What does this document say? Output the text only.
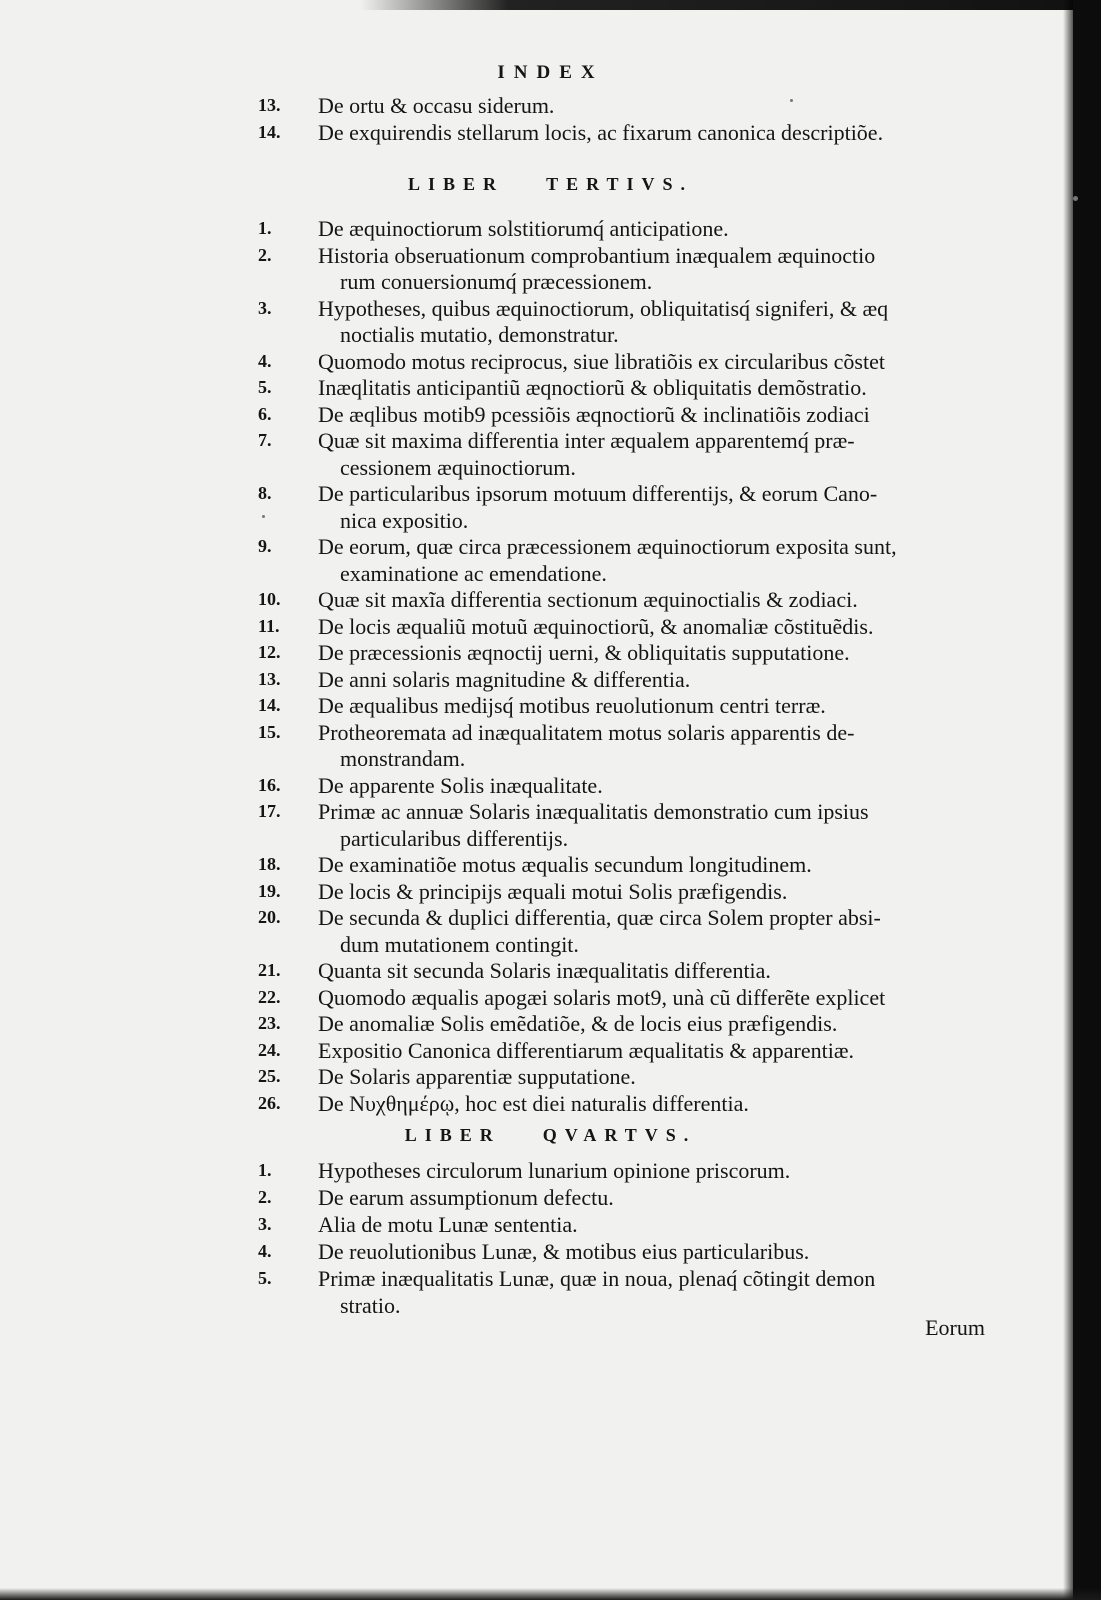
INDEX
13.	De ortu & occasu siderum.
14.	De exquirendis stellarum locis, ac fixarum canonica descriptiõe.
LIBER TERTIVS.
1.	De æquinoctiorum solstitiorumq́ anticipatione.
2.	Historia obseruationum comprobantium inæqualem æquinoctio
rum conuersionumq́ præcessionem.
3.	Hypotheses, quibus æquinoctiorum, obliquitatisq́ signiferi, & æq
noctialis mutatio, demonstratur.
4.	Quomodo motus reciprocus, siue libratiõis ex circularibus cõstet
5.	Inæqlitatis anticipantiũ æqnoctiorũ & obliquitatis demõstratio.
6.	De æqlibus motib9 pcessiõis æqnoctiorũ & inclinatiõis zodiaci
7.	Quæ sit maxima differentia inter æqualem apparentemq́ præ-
cessionem æquinoctiorum.
8.	De particularibus ipsorum motuum differentijs, & eorum Cano-
nica expositio.
9.	De eorum, quæ circa præcessionem æquinoctiorum exposita sunt,
examinatione ac emendatione.
10.	Quæ sit maxĩa differentia sectionum æquinoctialis & zodiaci.
11.	De locis æqualiũ motuũ æquinoctiorũ, & anomaliæ cõstituẽdis.
12.	De præcessionis æqnoctij uerni, & obliquitatis supputatione.
13.	De anni solaris magnitudine & differentia.
14.	De æqualibus medijsq́ motibus reuolutionum centri terræ.
15.	Protheoremata ad inæqualitatem motus solaris apparentis de-
monstrandam.
16.	De apparente Solis inæqualitate.
17.	Primæ ac annuæ Solaris inæqualitatis demonstratio cum ipsius
particularibus differentijs.
18.	De examinatiõe motus æqualis secundum longitudinem.
19.	De locis & principijs æquali motui Solis præfigendis.
20.	De secunda & duplici differentia, quæ circa Solem propter absi-
dum mutationem contingit.
21.	Quanta sit secunda Solaris inæqualitatis differentia.
22.	Quomodo æqualis apogæi solaris mot9, unà cũ differẽte explicet
23.	De anomaliæ Solis emẽdatiõe, & de locis eius præfigendis.
24.	Expositio Canonica differentiarum æqualitatis & apparentiæ.
25.	De Solaris apparentiæ supputatione.
26.	De Νυχθημέρῳ, hoc est diei naturalis differentia.
LIBER QVARTVS.
1.	Hypotheses circulorum lunarium opinione priscorum.
2.	De earum assumptionum defectu.
3.	Alia de motu Lunæ sententia.
4.	De reuolutionibus Lunæ, & motibus eius particularibus.
5.	Primæ inæqualitatis Lunæ, quæ in noua, plenaq́ cõtingit demon
stratio.
Eorum
